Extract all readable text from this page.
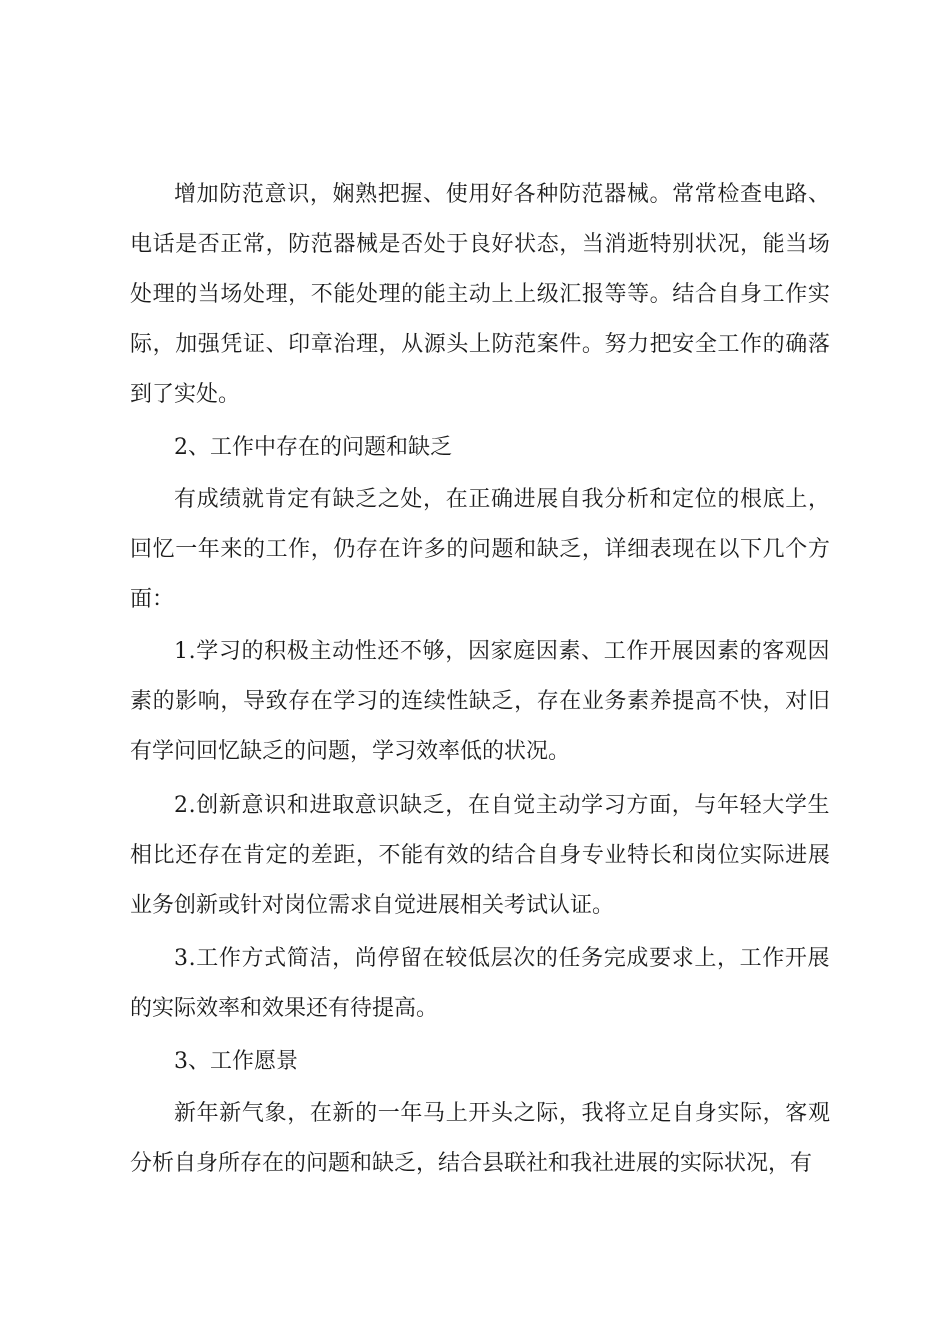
增 加 防 范 意 识 ， 娴 熟 把 握 、 使 用 好 各 种 防 范 器 械 。 常 常 检 查 电 路 、
电 话 是 否 正 常 ， 防 范 器 械 是 否 处 于 良 好 状 态 ， 当 消 逝 特 别 状 况 ， 能 当 场
处 理 的 当 场 处 理 ， 不 能 处 理 的 能 主 动 上 上 级 汇 报 等 等 。 结 合 自 身 工 作 实
际 ， 加 强 凭 证 、 印 章 治 理 ， 从 源 头 上 防 范 案 件 。 努 力 把 安 全 工 作 的 确 落
到了实处。
2、工作中存在的问题和缺乏
有 成 绩 就 肯 定 有 缺 乏 之 处 ， 在 正 确 进 展 自 我 分 析 和 定 位 的 根 底 上 ，
回 忆 一 年 来 的 工 作 ， 仍 存 在 许 多 的 问 题 和 缺 乏 ， 详 细 表 现 在 以 下 几 个 方
面：
1 . 学 习 的 积 极 主 动 性 还 不 够 ， 因 家 庭 因 素 、 工 作 开 展 因 素 的 客 观 因
素 的 影 响 ， 导 致 存 在 学 习 的 连 续 性 缺 乏 ， 存 在 业 务 素 养 提 高 不 快 ， 对 旧
有学问回忆缺乏的问题，学习效率低的状况。
2 . 创 新 意 识 和 进 取 意 识 缺 乏 ， 在 自 觉 主 动 学 习 方 面 ， 与 年 轻 大 学 生
相 比 还 存 在 肯 定 的 差 距 ， 不 能 有 效 的 结 合 自 身 专 业 特 长 和 岗 位 实 际 进 展
业务创新或针对岗位需求自觉进展相关考试认证。
3 . 工 作 方 式 简 洁 ， 尚 停 留 在 较 低 层 次 的 任 务 完 成 要 求 上 ， 工 作 开 展
的实际效率和效果还有待提高。
3、工作愿景
新 年 新 气 象 ， 在 新 的 一 年 马 上 开 头 之 际 ， 我 将 立 足 自 身 实 际 ， 客 观
分析自身所存在的问题和缺乏，结合县联社和我社进展的实际状况，有
